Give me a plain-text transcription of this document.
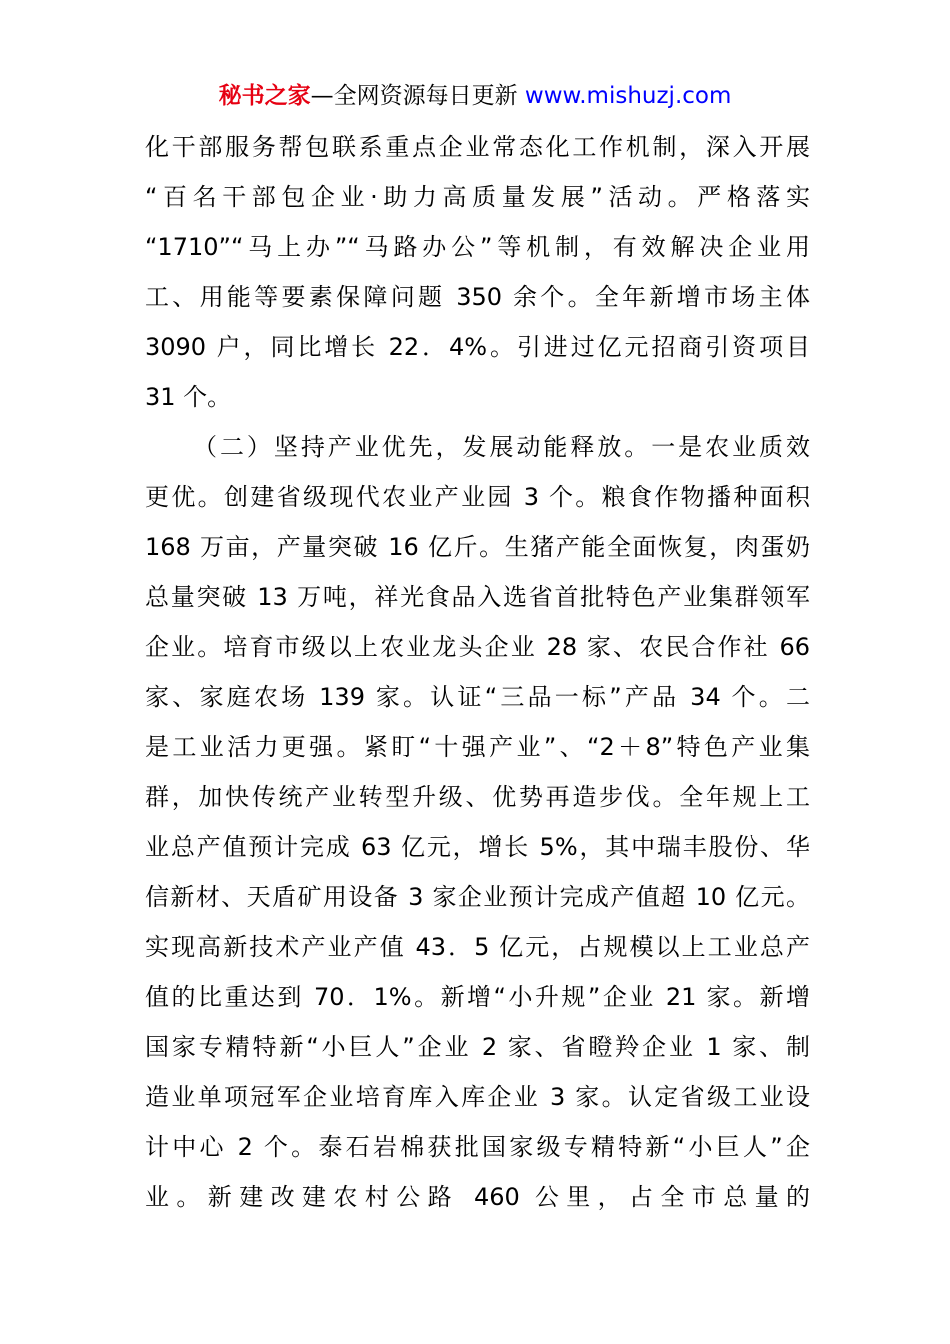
秘书之家—全网资源每日更新 www.mishuzj.com
化干部服务帮包联系重点企业常态化工作机制，深入开展
“百名干部包企业·助力高质量发展”活动。严格落实
“1710”“马上办”“马路办公”等机制，有效解决企业用
工、用能等要素保障问题 350 余个。全年新增市场主体
3090 户，同比增长 22．4%。引进过亿元招商引资项目
31 个。
（二）坚持产业优先，发展动能释放。一是农业质效
更优。创建省级现代农业产业园 3 个。粮食作物播种面积
168 万亩，产量突破 16 亿斤。生猪产能全面恢复，肉蛋奶
总量突破 13 万吨，祥光食品入选省首批特色产业集群领军
企业。培育市级以上农业龙头企业 28 家、农民合作社 66
家、家庭农场 139 家。认证“三品一标”产品 34 个。二
是工业活力更强。紧盯“十强产业”、“2＋8”特色产业集
群，加快传统产业转型升级、优势再造步伐。全年规上工
业总产值预计完成 63 亿元，增长 5%，其中瑞丰股份、华
信新材、天盾矿用设备 3 家企业预计完成产值超 10 亿元。
实现高新技术产业产值 43．5 亿元，占规模以上工业总产
值的比重达到 70．1%。新增“小升规”企业 21 家。新增
国家专精特新“小巨人”企业 2 家、省瞪羚企业 1 家、制
造业单项冠军企业培育库入库企业 3 家。认定省级工业设
计中心 2 个。泰石岩棉获批国家级专精特新“小巨人”企
业。新建改建农村公路 460 公里，占全市总量的
